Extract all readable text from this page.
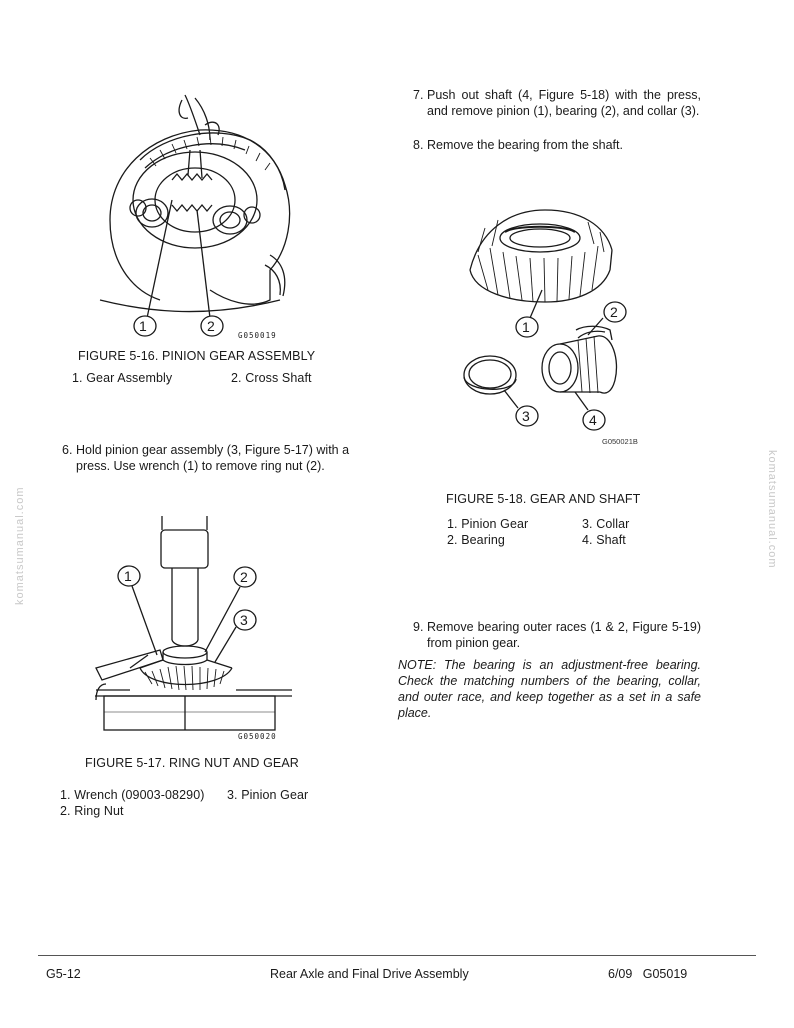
1	2
G050019
FIGURE 5-16. PINION GEAR ASSEMBLY
1. Gear Assembly	2. Cross Shaft
6. Hold pinion gear assembly (3, Figure 5-17) with a press. Use wrench (1) to remove ring nut (2).
1	2
3
G050020
FIGURE 5-17. RING NUT AND GEAR
1. Wrench (09003-08290)
2. Ring Nut
3. Pinion Gear
7. Push out shaft (4, Figure 5-18) with the press, and remove pinion (1), bearing (2), and collar (3).
8. Remove the bearing from the shaft.
1
2
3	4
G050021B
FIGURE 5-18. GEAR AND SHAFT
1. Pinion Gear
2. Bearing
3. Collar
4. Shaft
9. Remove bearing outer races (1 & 2, Figure 5-19) from pinion gear.
NOTE: The bearing is an adjustment-free bearing. Check the matching numbers of the bearing, collar, and outer race, and keep together as a set in a safe place.
komatsumanual.com	komatsumanual.com
G5-12	Rear Axle and Final Drive Assembly	6/09   G05019
